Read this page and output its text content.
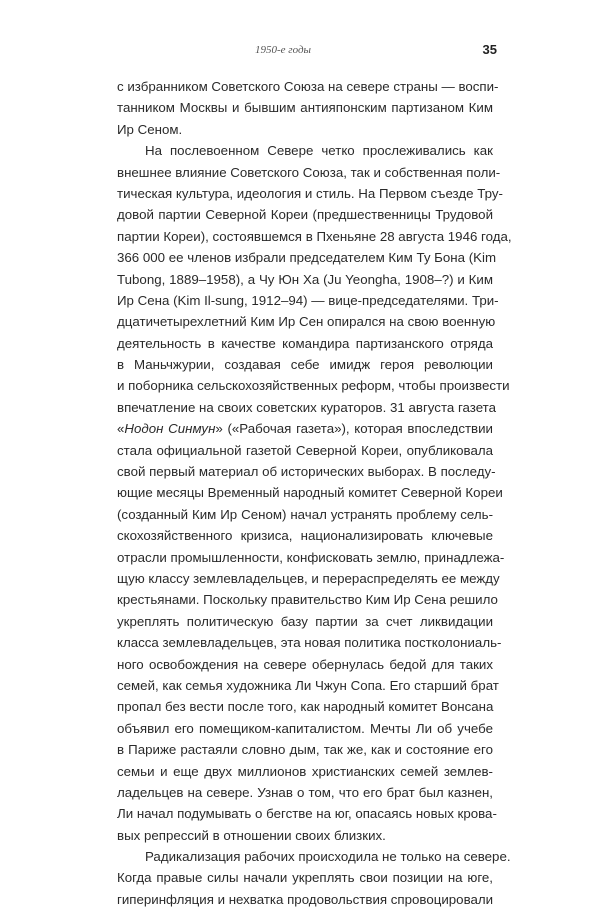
1950-е годы	35
с избранником Советского Союза на севере страны — воспи-
танником Москвы и бывшим антияпонским партизаном Ким
Ир Сеном.
На послевоенном Севере четко прослеживались как
внешнее влияние Советского Союза, так и собственная поли-
тическая культура, идеология и стиль. На Первом съезде Тру-
довой партии Северной Кореи (предшественницы Трудовой
партии Кореи), состоявшемся в Пхеньяне 28 августа 1946 года,
366 000 ее членов избрали председателем Ким Ту Бона (Kim
Tubong, 1889–1958), а Чу Юн Ха (Ju Yeongha, 1908–?) и Ким
Ир Сена (Kim Il-sung, 1912–94) — вице-председателями. Три-
дцатичетырехлетний Ким Ир Сен опирался на свою военную
деятельность в качестве командира партизанского отряда
в Маньчжурии, создавая себе имидж героя революции
и поборника сельскохозяйственных реформ, чтобы произвести
впечатление на своих советских кураторов. 31 августа газета
«Нодон Синмун» («Рабочая газета»), которая впоследствии
стала официальной газетой Северной Кореи, опубликовала
свой первый материал об исторических выборах. В последу-
ющие месяцы Временный народный комитет Северной Кореи
(созданный Ким Ир Сеном) начал устранять проблему сель-
скохозяйственного кризиса, национализировать ключевые
отрасли промышленности, конфисковать землю, принадлежа-
щую классу землевладельцев, и перераспределять ее между
крестьянами. Поскольку правительство Ким Ир Сена решило
укреплять политическую базу партии за счет ликвидации
класса землевладельцев, эта новая политика постколониаль-
ного освобождения на севере обернулась бедой для таких
семей, как семья художника Ли Чжун Сопа. Его старший брат
пропал без вести после того, как народный комитет Вонсана
объявил его помещиком-капиталистом. Мечты Ли об учебе
в Париже растаяли словно дым, так же, как и состояние его
семьи и еще двух миллионов христианских семей землев-
ладельцев на севере. Узнав о том, что его брат был казнен,
Ли начал подумывать о бегстве на юг, опасаясь новых крова-
вых репрессий в отношении своих близких.
Радикализация рабочих происходила не только на севере.
Когда правые силы начали укреплять свои позиции на юге,
гиперинфляция и нехватка продовольствия спровоцировали
